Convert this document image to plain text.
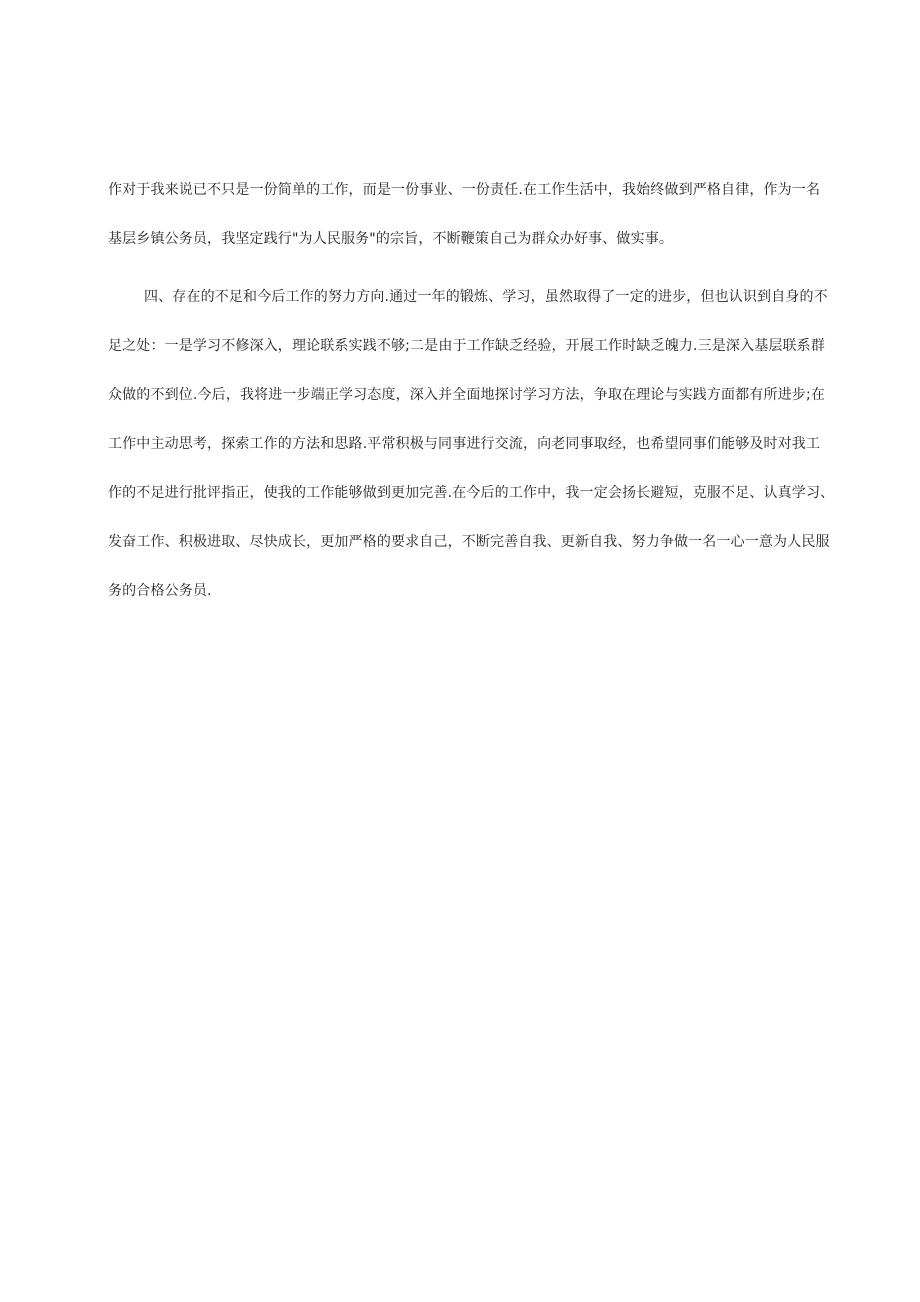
作对于我来说已不只是一份简单的工作，而是一份事业、一份责任.在工作生活中，我始终做到严格自律，作为一名
基层乡镇公务员，我坚定践行"为人民服务"的宗旨，不断鞭策自己为群众办好事、做实事。
四、存在的不足和今后工作的努力方向.通过一年的锻炼、学习，虽然取得了一定的进步，但也认识到自身的不
足之处：一是学习不修深入，理论联系实践不够;二是由于工作缺乏经验，开展工作时缺乏魄力.三是深入基层联系群
众做的不到位.今后，我将进一步端正学习态度，深入并全面地探讨学习方法，争取在理论与实践方面都有所进步;在
工作中主动思考，探索工作的方法和思路.平常积极与同事进行交流，向老同事取经，也希望同事们能够及时对我工
作的不足进行批评指正，使我的工作能够做到更加完善.在今后的工作中，我一定会扬长避短，克服不足、认真学习、
发奋工作、积极进取、尽快成长，更加严格的要求自己，不断完善自我、更新自我、努力争做一名一心一意为人民服
务的合格公务员.
